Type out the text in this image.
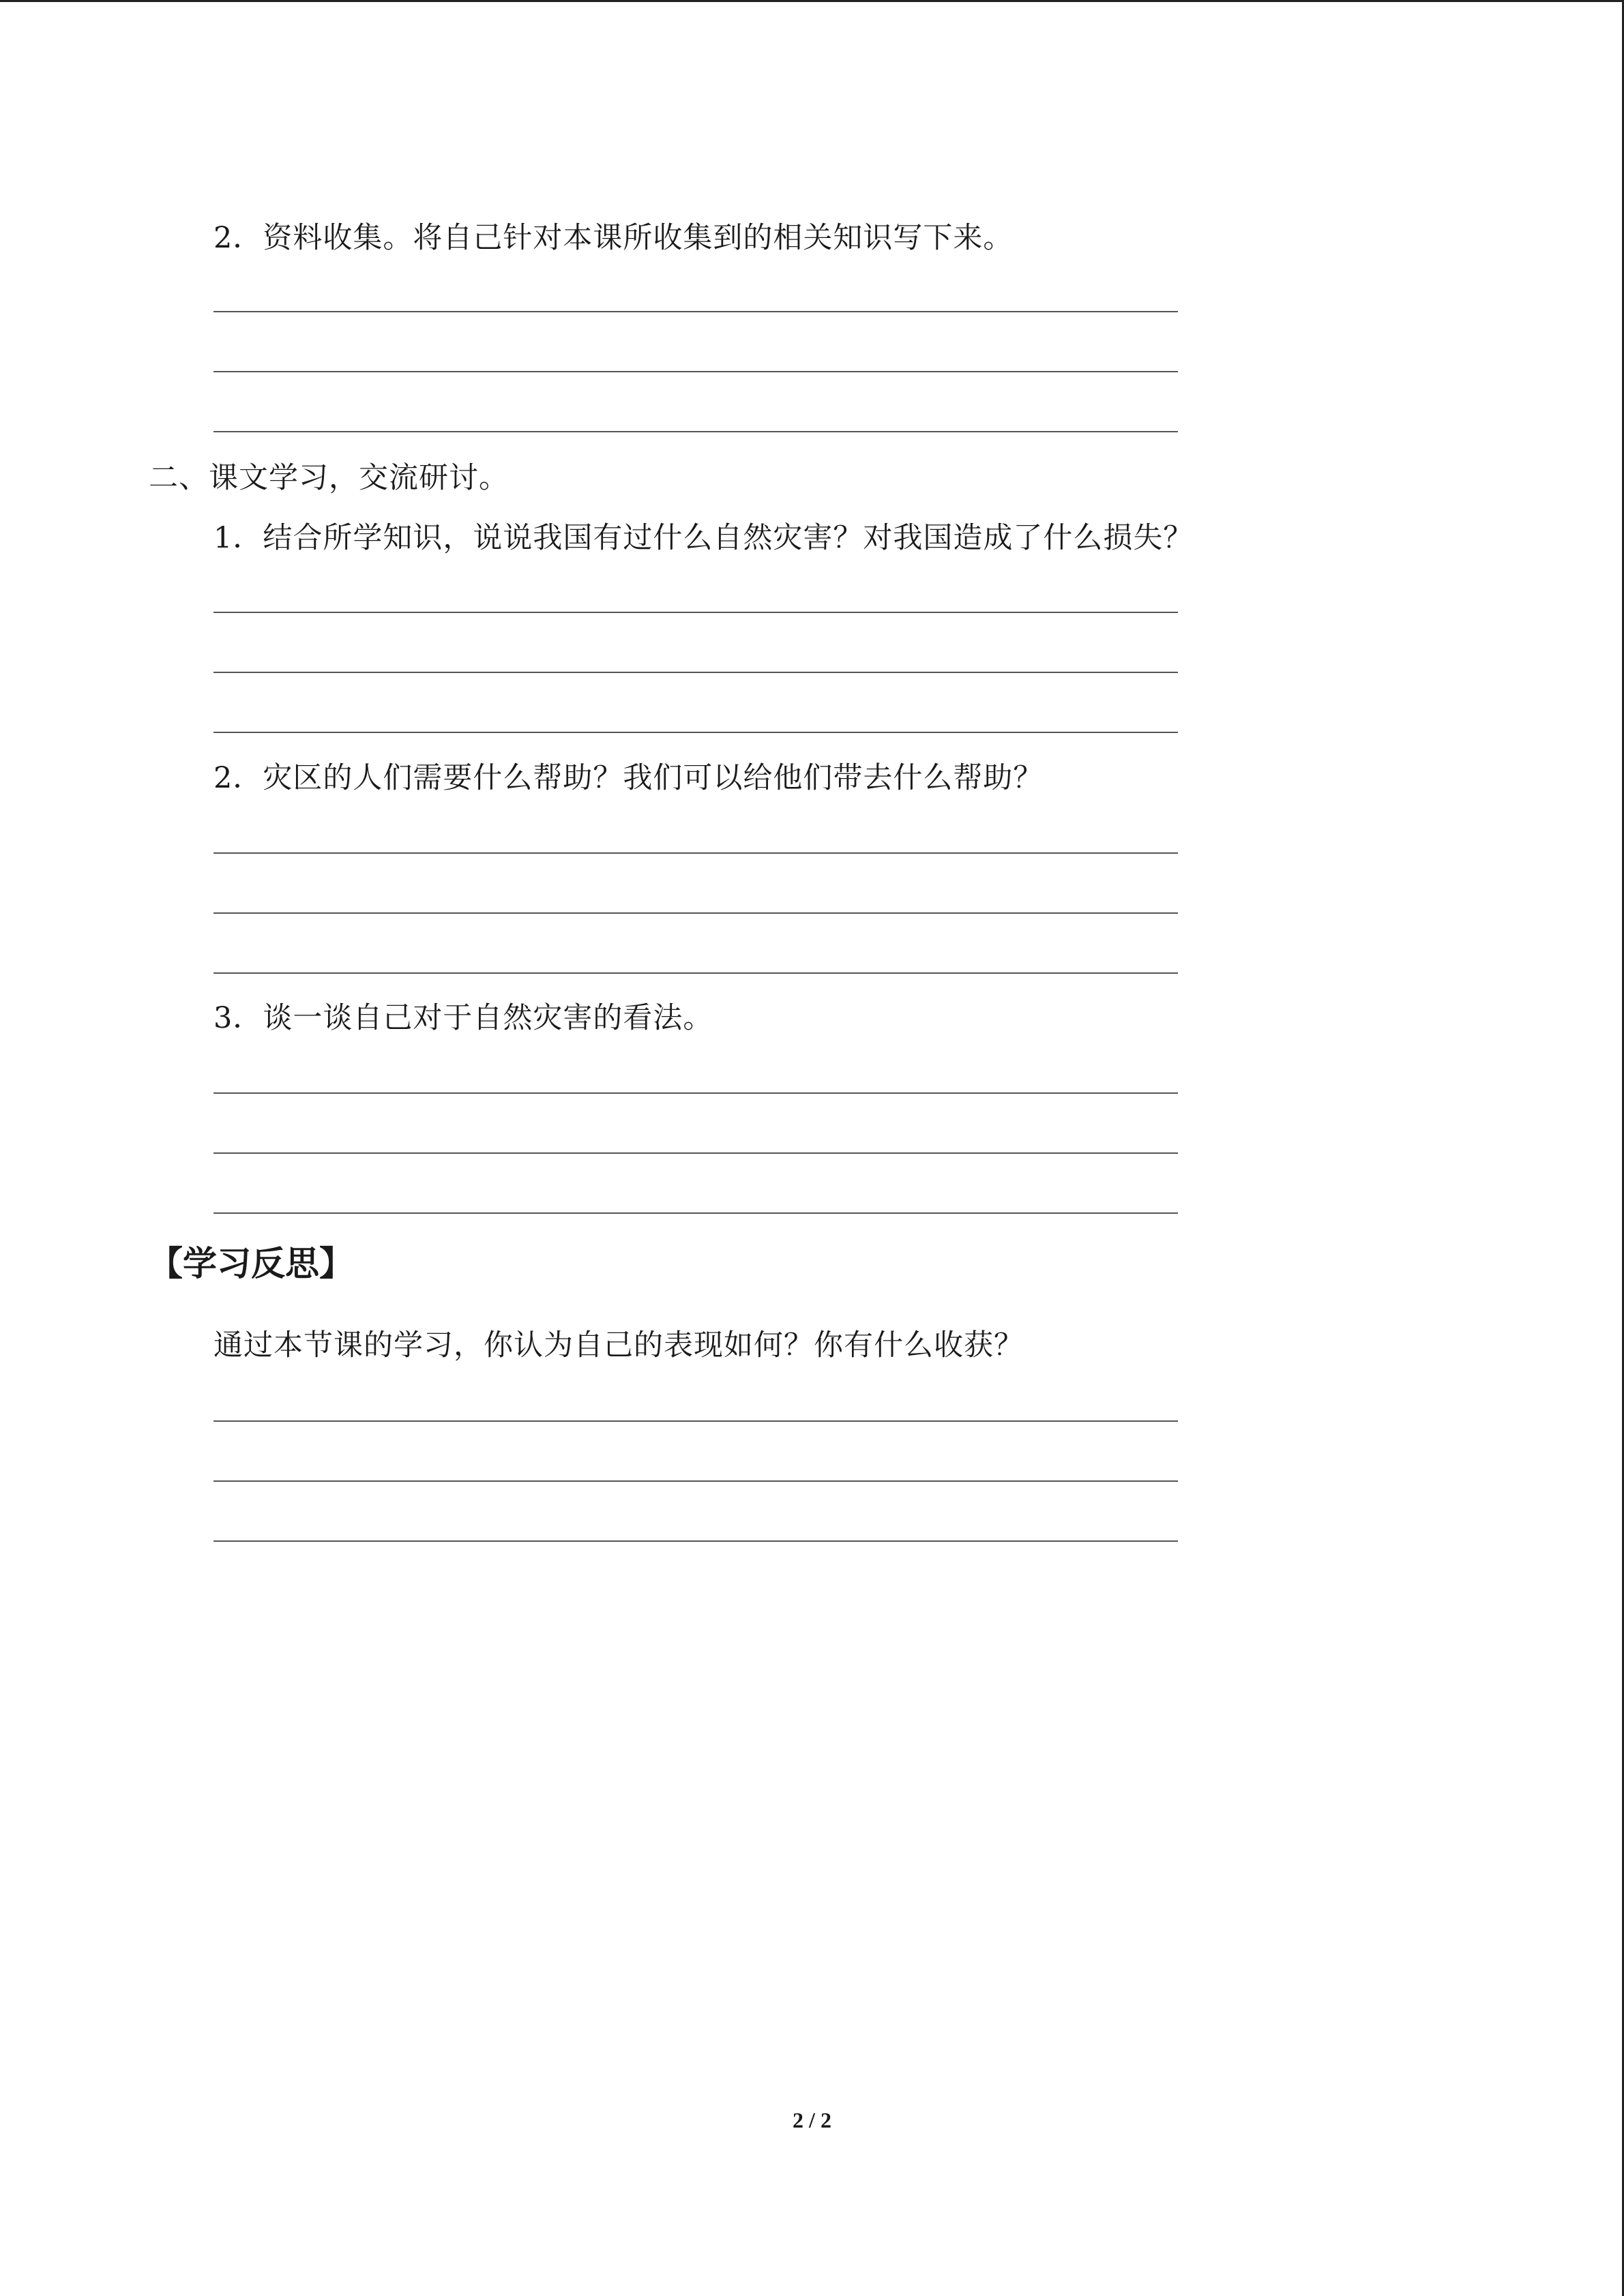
2．资料收集。将自己针对本课所收集到的相关知识写下来。
二、课文学习，交流研讨。
1．结合所学知识，说说我国有过什么自然灾害？对我国造成了什么损失？
2．灾区的人们需要什么帮助？我们可以给他们带去什么帮助？
3．谈一谈自己对于自然灾害的看法。
【学习反思】
通过本节课的学习，你认为自己的表现如何？你有什么收获？
2 / 2
